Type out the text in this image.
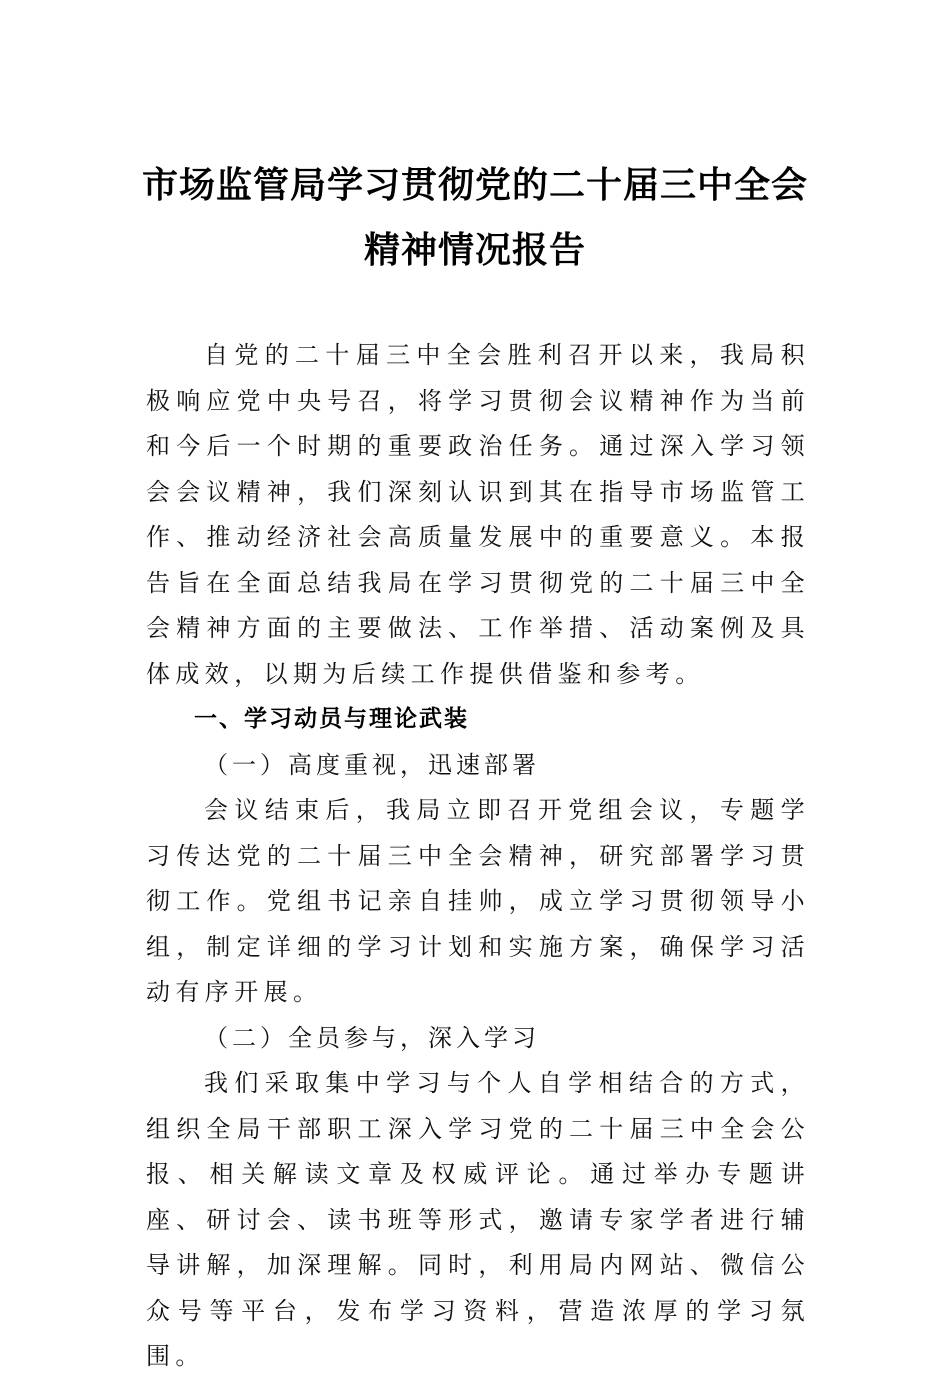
市场监管局学习贯彻党的二十届三中全会
精神情况报告

自党的二十届三中全会胜利召开以来，我局积极响应党中央号召，将学习贯彻会议精神作为当前和今后一个时期的重要政治任务。通过深入学习领会会议精神，我们深刻认识到其在指导市场监管工作、推动经济社会高质量发展中的重要意义。本报告旨在全面总结我局在学习贯彻党的二十届三中全会精神方面的主要做法、工作举措、活动案例及具体成效，以期为后续工作提供借鉴和参考。

一、学习动员与理论武装

（一）高度重视，迅速部署

会议结束后，我局立即召开党组会议，专题学习传达党的二十届三中全会精神，研究部署学习贯彻工作。党组书记亲自挂帅，成立学习贯彻领导小组，制定详细的学习计划和实施方案，确保学习活动有序开展。

（二）全员参与，深入学习

我们采取集中学习与个人自学相结合的方式，组织全局干部职工深入学习党的二十届三中全会公报、相关解读文章及权威评论。通过举办专题讲座、研讨会、读书班等形式，邀请专家学者进行辅导讲解，加深理解。同时，利用局内网站、微信公众号等平台，发布学习资料，营造浓厚的学习氛围。
